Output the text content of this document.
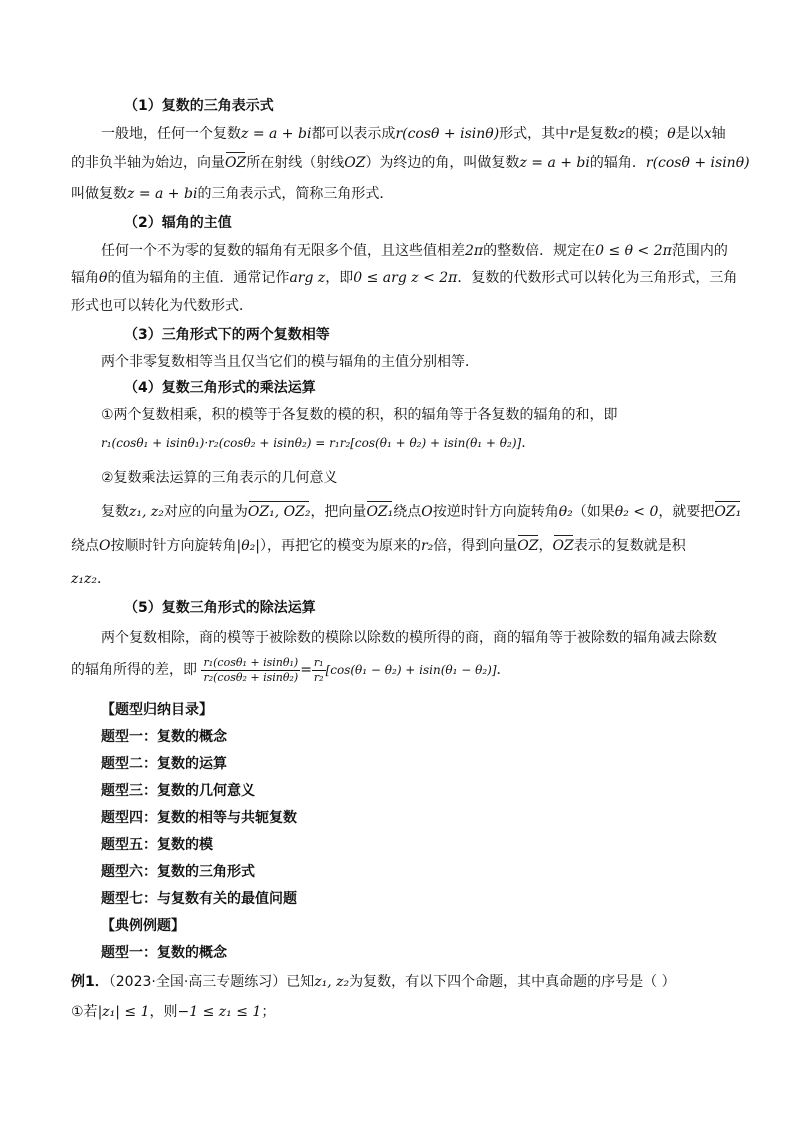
（1）复数的三角表示式
一般地，任何一个复数z = a + bi都可以表示成r(cosθ + isinθ)形式，其中r是复数z的模；θ是以x轴
的非负半轴为始边，向量OZ所在射线（射线OZ）为终边的角，叫做复数z = a + bi的辐角．r(cosθ + isinθ)
叫做复数z = a + bi的三角表示式，简称三角形式．
（2）辐角的主值
任何一个不为零的复数的辐角有无限多个值，且这些值相差2π的整数倍．规定在0 ≤ θ < 2π范围内的
辐角θ的值为辐角的主值．通常记作arg z，即0 ≤ arg z < 2π．复数的代数形式可以转化为三角形式，三角
形式也可以转化为代数形式．
（3）三角形式下的两个复数相等
两个非零复数相等当且仅当它们的模与辐角的主值分别相等．
（4）复数三角形式的乘法运算
①两个复数相乘，积的模等于各复数的模的积，积的辐角等于各复数的辐角的和，即
r₁(cosθ₁ + isinθ₁)·r₂(cosθ₂ + isinθ₂) = r₁r₂[cos(θ₁ + θ₂) + isin(θ₁ + θ₂)].
②复数乘法运算的三角表示的几何意义
复数z₁, z₂对应的向量为OZ₁, OZ₂，把向量OZ₁绕点O按逆时针方向旋转角θ₂（如果θ₂ < 0，就要把OZ₁
绕点O按顺时针方向旋转角|θ₂|），再把它的模变为原来的r₂倍，得到向量OZ，OZ表示的复数就是积
z₁z₂．
（5）复数三角形式的除法运算
两个复数相除，商的模等于被除数的模除以除数的模所得的商，商的辐角等于被除数的辐角减去除数
的辐角所得的差，即 $\frac{\text{r₁(cosθ₁ + isinθ₁)}}{\text{r₂(cosθ₂ + isinθ₂)}} = \frac{\text{r₁}}{\text{r₂}} [\cos(\theta_1 - \theta_2) + isin(\theta_1 - \theta_2)]$．
【题型归纳目录】
题型一：复数的概念
题型二：复数的运算
题型三：复数的几何意义
题型四：复数的相等与共轭复数
题型五：复数的模
题型六：复数的三角形式
题型七：与复数有关的最值问题
【典例例题】
题型一：复数的概念
例1．（2023·全国·高三专题练习）已知z₁, z₂为复数，有以下四个命题，其中真命题的序号是（ ）
①若|z₁| ≤ 1，则−1 ≤ z₁ ≤ 1；
